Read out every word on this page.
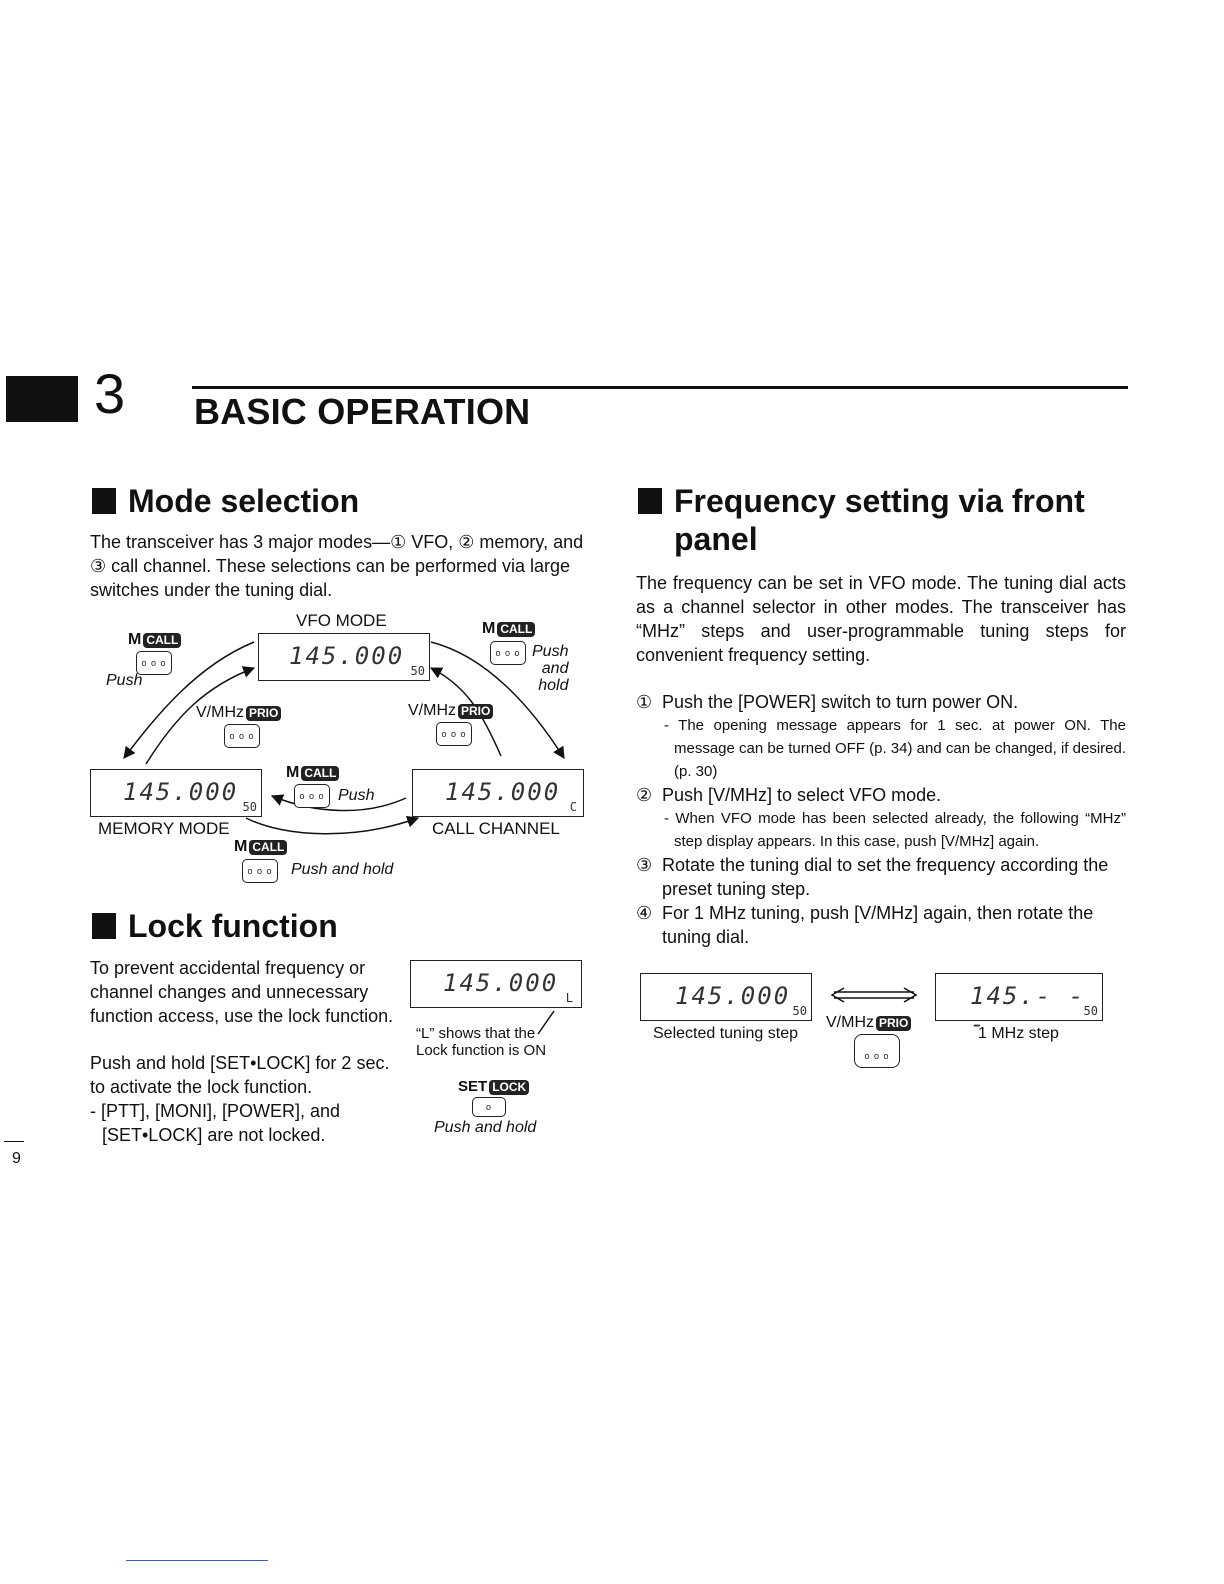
3 BASIC OPERATION
Mode selection
The transceiver has 3 major modes—① VFO, ② memory, and ③ call channel. These selections can be performed via large switches under the tuning dial.
VFO MODE
145.000
50
M CALL
o o o
Push
M CALL
o o o Push
and
hold
V/MHz PRIO
o o o
V/MHz PRIO
o o o
145.000
50
MEMORY MODE
M CALL
o o o Push	145.000
C
CALL CHANNEL
M CALL
o o o	Push and hold
Lock function
To prevent accidental frequency or channel changes and unnecessary function access, use the lock function.
Push and hold [SET•LOCK] for 2 sec. to activate the lock function.
- [PTT], [MONI], [POWER], and [SET•LOCK] are not locked.
145.000
L
“L” shows that the
Lock function is ON
SET LOCK
o
Push and hold
Frequency setting via front
panel
The frequency can be set in VFO mode. The tuning dial acts as a channel selector in other modes. The transceiver has “MHz” steps and user-programmable tuning steps for convenient frequency setting.
① Push the [POWER] switch to turn power ON.
- The opening message appears for 1 sec. at power ON. The message can be turned OFF (p. 34) and can be changed, if desired. (p. 30)
② Push [V/MHz] to select VFO mode.
- When VFO mode has been selected already, the following “MHz” step display appears. In this case, push [V/MHz] again.
③ Rotate the tuning dial to set the frequency according the preset tuning step.
④ For 1 MHz tuning, push [V/MHz] again, then rotate the tuning dial.
145.000
50
Selected tuning step
V/MHz PRIO
o o o
145.- - -	50
1 MHz step
9
